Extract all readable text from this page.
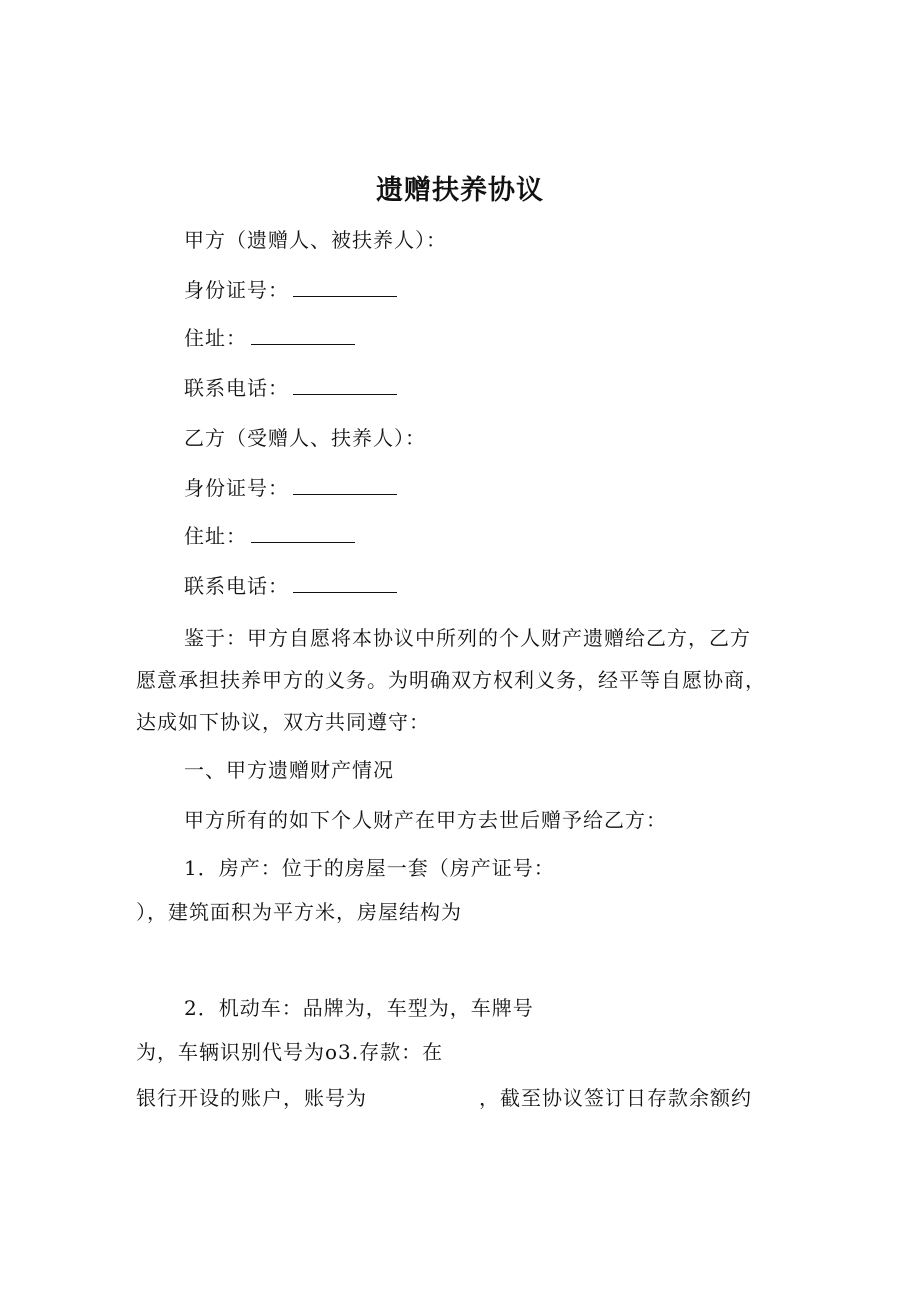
遗赠扶养协议
甲方（遗赠人、被扶养人）：
身份证号：
住址：
联系电话：
乙方（受赠人、扶养人）：
身份证号：
住址：
联系电话：
鉴于：甲方自愿将本协议中所列的个人财产遗赠给乙方，乙方
愿意承担扶养甲方的义务。为明确双方权利义务，经平等自愿协商，
达成如下协议，双方共同遵守：
一、甲方遗赠财产情况
甲方所有的如下个人财产在甲方去世后赠予给乙方：
1．房产：位于的房屋一套（房产证号：
），建筑面积为平方米，房屋结构为
2．机动车：品牌为，车型为，车牌号
为，车辆识别代号为o3.存款：在
银行开设的账户，账号为	，截至协议签订日存款余额约
